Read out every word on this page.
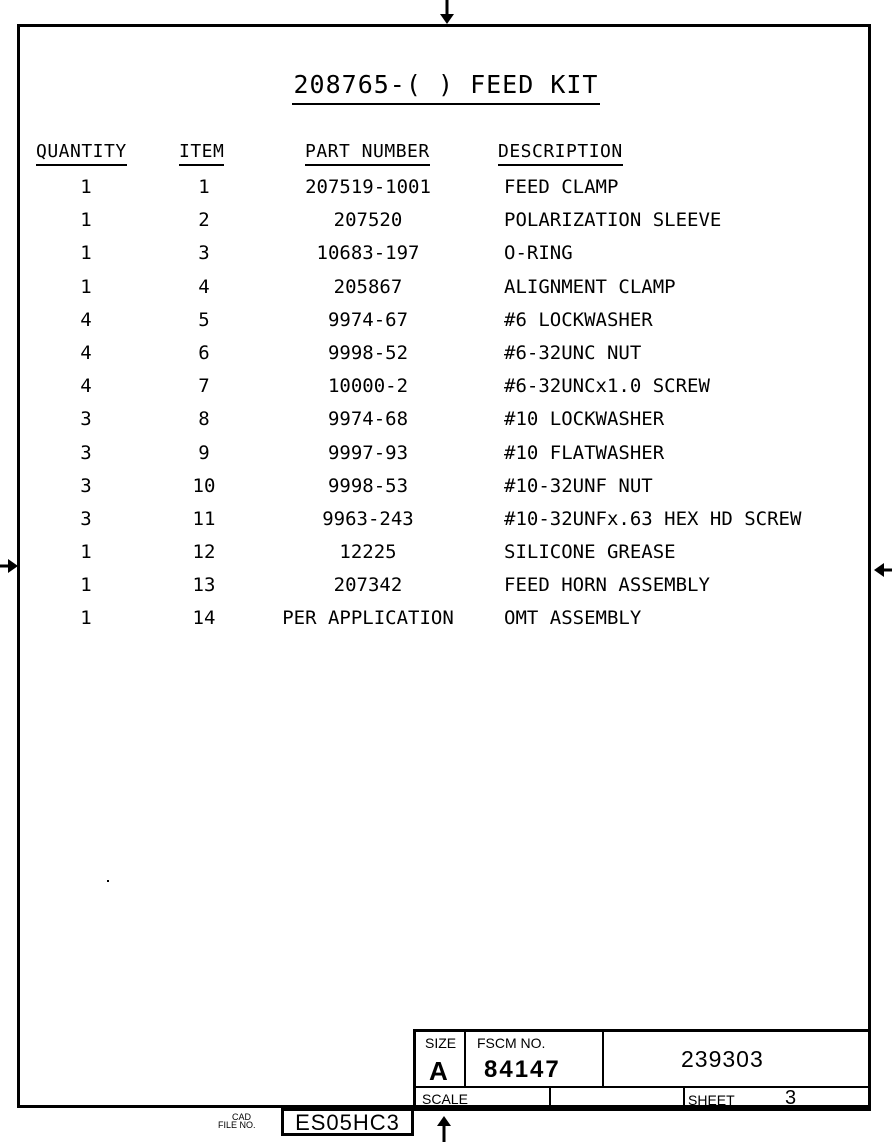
208765-( ) FEED KIT
QUANTITY	ITEM	PART NUMBER	DESCRIPTION
1	1	207519-1001	FEED CLAMP
1	2	207520	POLARIZATION SLEEVE
1	3	10683-197	O-RING
1	4	205867	ALIGNMENT CLAMP
4	5	9974-67	#6 LOCKWASHER
4	6	9998-52	#6-32UNC NUT
4	7	10000-2	#6-32UNCx1.0 SCREW
3	8	9974-68	#10 LOCKWASHER
3	9	9997-93	#10 FLATWASHER
3	10	9998-53	#10-32UNF NUT
3	11	9963-243	#10-32UNFx.63 HEX HD SCREW
1	12	12225	SILICONE GREASE
1	13	207342	FEED HORN ASSEMBLY
1	14	PER APPLICATION	OMT ASSEMBLY
SIZE
A
FSCM NO.
84147	239303
SCALE	SHEET	3
CAD
FILE NO.	ES05HC3
